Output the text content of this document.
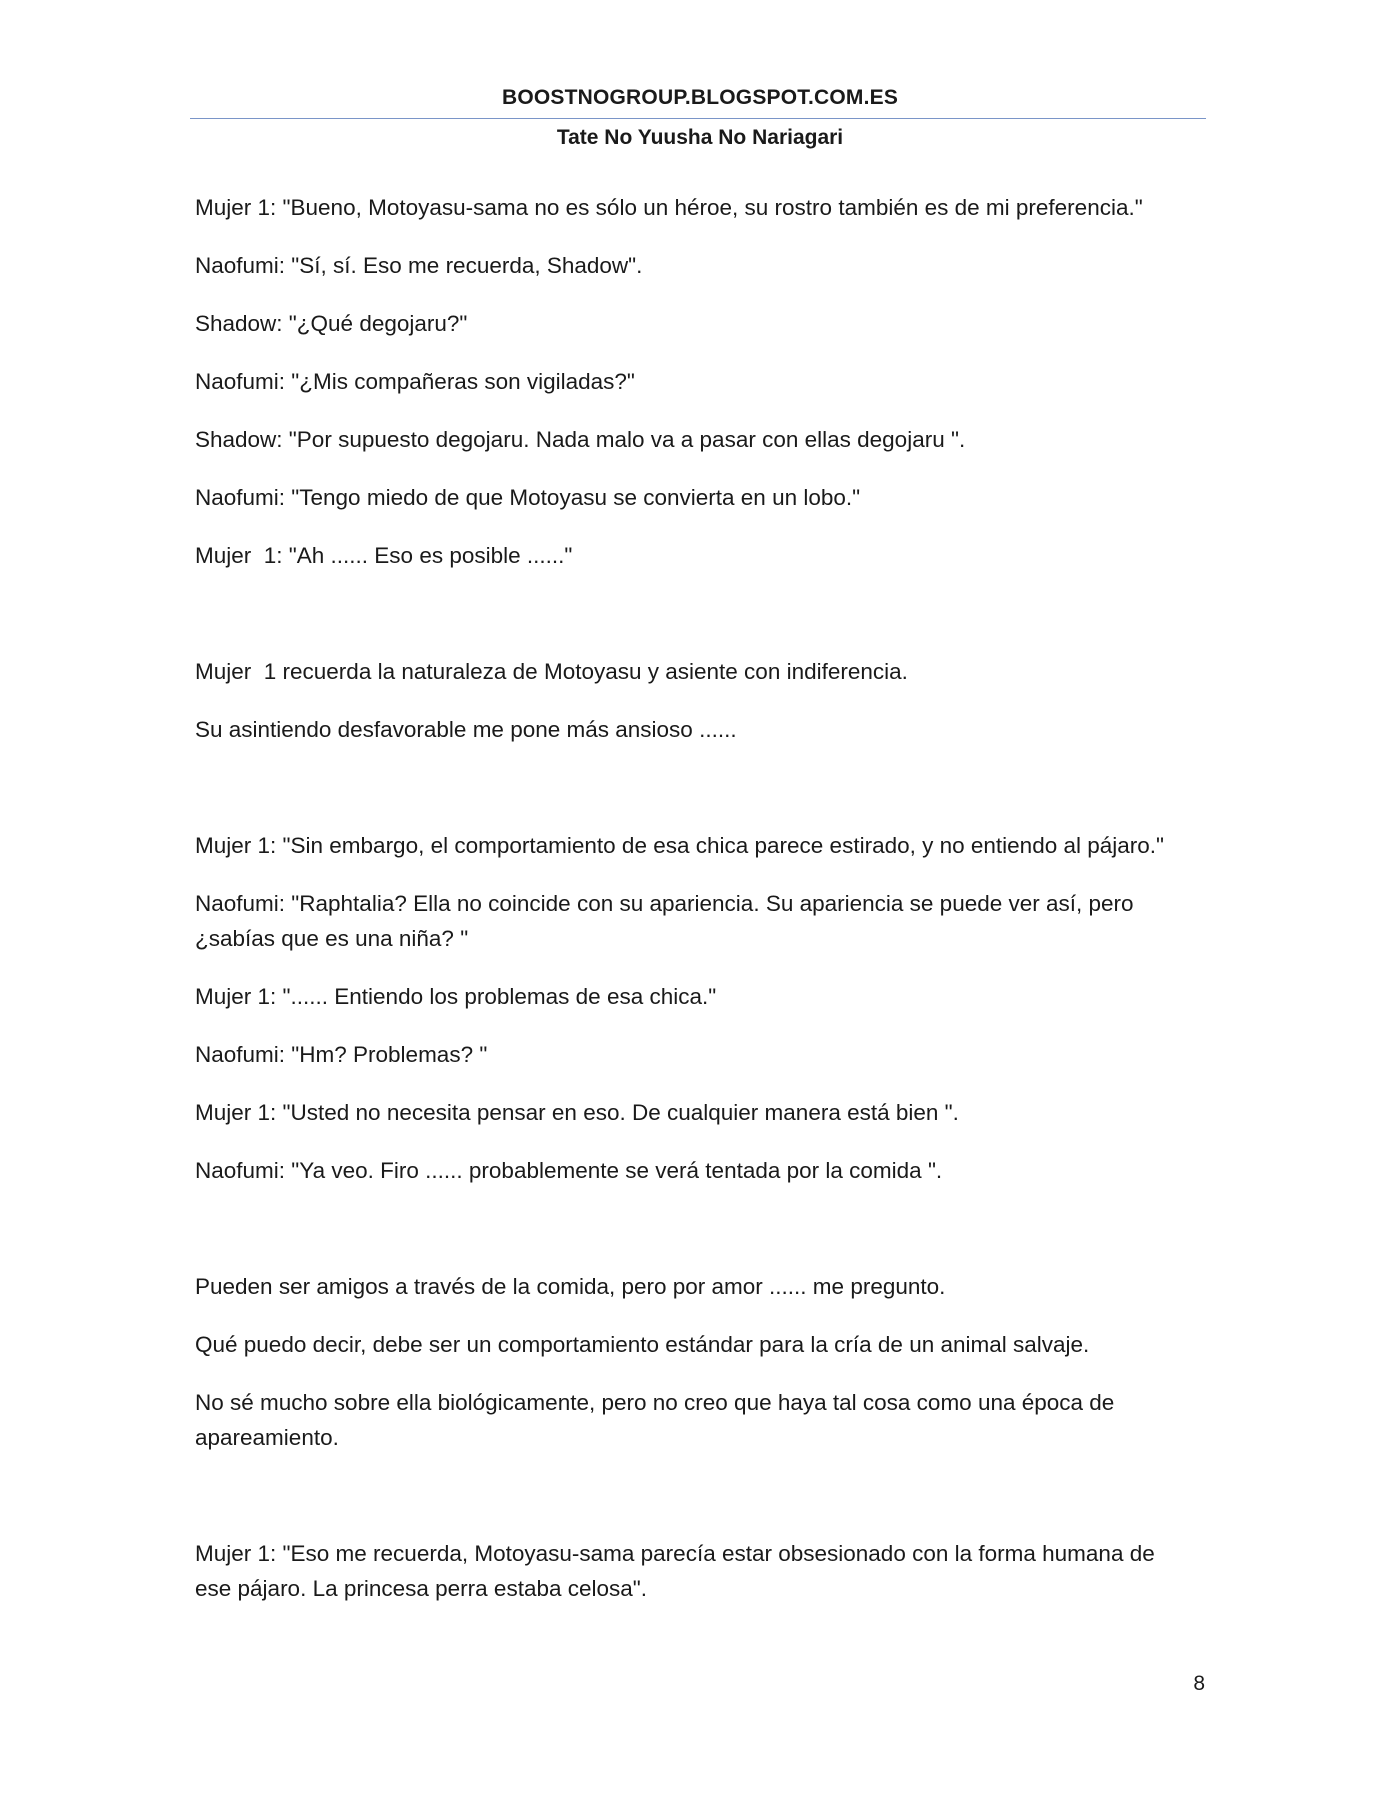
BOOSTNOGROUP.BLOGSPOT.COM.ES
Tate No Yuusha No Nariagari

Mujer 1: "Bueno, Motoyasu-sama no es sólo un héroe, su rostro también es de mi preferencia."

Naofumi: "Sí, sí. Eso me recuerda, Shadow".

Shadow: "¿Qué degojaru?"

Naofumi: "¿Mis compañeras son vigiladas?"

Shadow: "Por supuesto degojaru. Nada malo va a pasar con ellas degojaru ".

Naofumi: "Tengo miedo de que Motoyasu se convierta en un lobo."

Mujer  1: "Ah ...... Eso es posible ......"

Mujer  1 recuerda la naturaleza de Motoyasu y asiente con indiferencia.

Su asintiendo desfavorable me pone más ansioso ......

Mujer 1: "Sin embargo, el comportamiento de esa chica parece estirado, y no entiendo al pájaro."

Naofumi: "Raphtalia? Ella no coincide con su apariencia. Su apariencia se puede ver así, pero ¿sabías que es una niña? "

Mujer 1: "...... Entiendo los problemas de esa chica."

Naofumi: "Hm? Problemas? "

Mujer 1: "Usted no necesita pensar en eso. De cualquier manera está bien ".

Naofumi: "Ya veo. Firo ...... probablemente se verá tentada por la comida ".

Pueden ser amigos a través de la comida, pero por amor ...... me pregunto.

Qué puedo decir, debe ser un comportamiento estándar para la cría de un animal salvaje.

No sé mucho sobre ella biológicamente, pero no creo que haya tal cosa como una época de apareamiento.

Mujer 1: "Eso me recuerda, Motoyasu-sama parecía estar obsesionado con la forma humana de ese pájaro. La princesa perra estaba celosa".

8
